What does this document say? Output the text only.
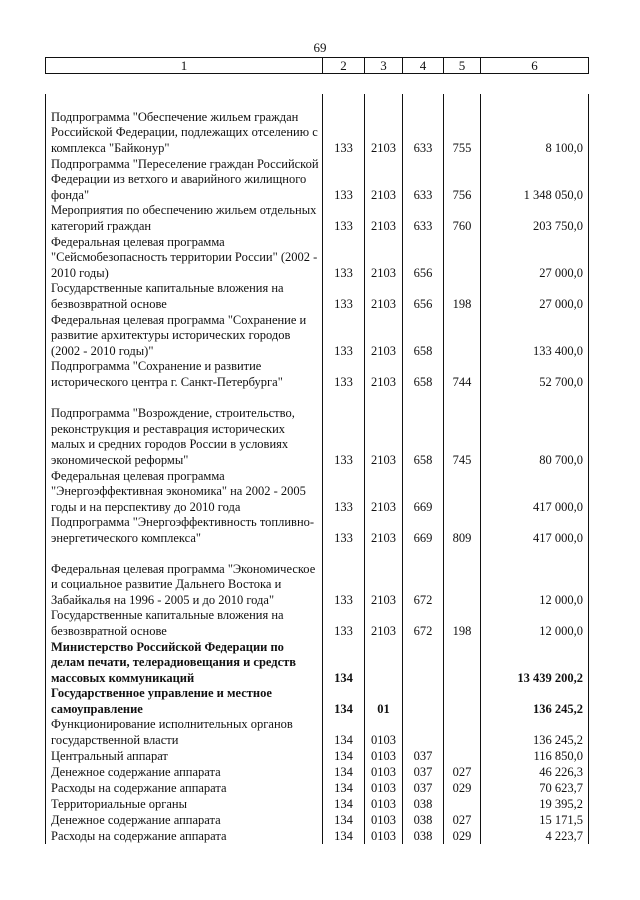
69
1	2	3	4	5	6
Подпрограмма "Обеспечение жильем граждан Российской Федерации, подлежащих отселению с комплекса "Байконур"	133	2103	633	755	8 100,0
Подпрограмма "Переселение граждан Российской Федерации из ветхого и аварийного жилищного фонда"	133	2103	633	756	1 348 050,0
Мероприятия по обеспечению жильем отдельных категорий граждан	133	2103	633	760	203 750,0
Федеральная целевая программа "Сейсмобезопасность территории России" (2002 - 2010 годы)	133	2103	656		27 000,0
Государственные капитальные вложения на безвозвратной основе	133	2103	656	198	27 000,0
Федеральная целевая программа "Сохранение и развитие архитектуры исторических городов (2002 - 2010 годы)"	133	2103	658		133 400,0
Подпрограмма "Сохранение и развитие исторического центра г. Санкт-Петербурга"	133	2103	658	744	52 700,0
Подпрограмма "Возрождение, строительство, реконструкция и реставрация исторических малых и средних городов России в условиях экономической реформы"	133	2103	658	745	80 700,0
Федеральная целевая программа "Энергоэффективная экономика" на 2002 - 2005 годы и на перспективу до 2010 года	133	2103	669		417 000,0
Подпрограмма "Энергоэффективность топливно-энергетического комплекса"	133	2103	669	809	417 000,0
Федеральная целевая программа "Экономическое и социальное развитие Дальнего Востока и Забайкалья на 1996 - 2005 и до 2010 года"	133	2103	672		12 000,0
Государственные капитальные вложения на безвозвратной основе	133	2103	672	198	12 000,0
Министерство Российской Федерации по делам печати, телерадиовещания и средств массовых коммуникаций	134				13 439 200,2
Государственное управление и местное самоуправление	134	01			136 245,2
Функционирование исполнительных органов государственной власти	134	0103			136 245,2
Центральный аппарат	134	0103	037		116 850,0
Денежное содержание аппарата	134	0103	037	027	46 226,3
Расходы на содержание аппарата	134	0103	037	029	70 623,7
Территориальные органы	134	0103	038		19 395,2
Денежное содержание аппарата	134	0103	038	027	15 171,5
Расходы на содержание аппарата	134	0103	038	029	4 223,7
